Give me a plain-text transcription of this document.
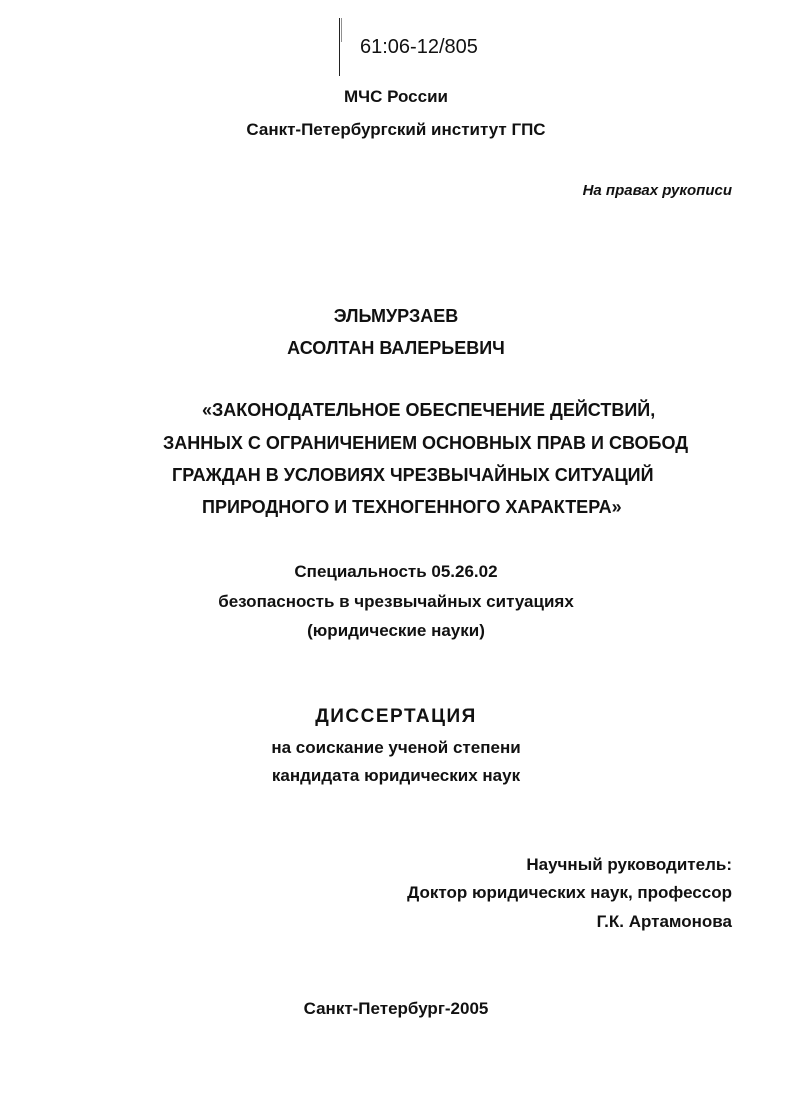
61:06-12/805
МЧС России
Санкт-Петербургский институт ГПС
На правах рукописи
ЭЛЬМУРЗАЕВ
АСОЛТАН ВАЛЕРЬЕВИЧ
«ЗАКОНОДАТЕЛЬНОЕ ОБЕСПЕЧЕНИЕ ДЕЙСТВИЙ,
ЗАННЫХ С ОГРАНИЧЕНИЕМ ОСНОВНЫХ ПРАВ И СВОБОД
ГРАЖДАН В УСЛОВИЯХ ЧРЕЗВЫЧАЙНЫХ СИТУАЦИЙ
ПРИРОДНОГО И ТЕХНОГЕННОГО ХАРАКТЕРА»
Специальность 05.26.02
безопасность в чрезвычайных ситуациях
(юридические науки)
ДИССЕРТАЦИЯ
на соискание ученой степени
кандидата юридических наук
Научный руководитель:
Доктор юридических наук, профессор
Г.К. Артамонова
Санкт-Петербург-2005
